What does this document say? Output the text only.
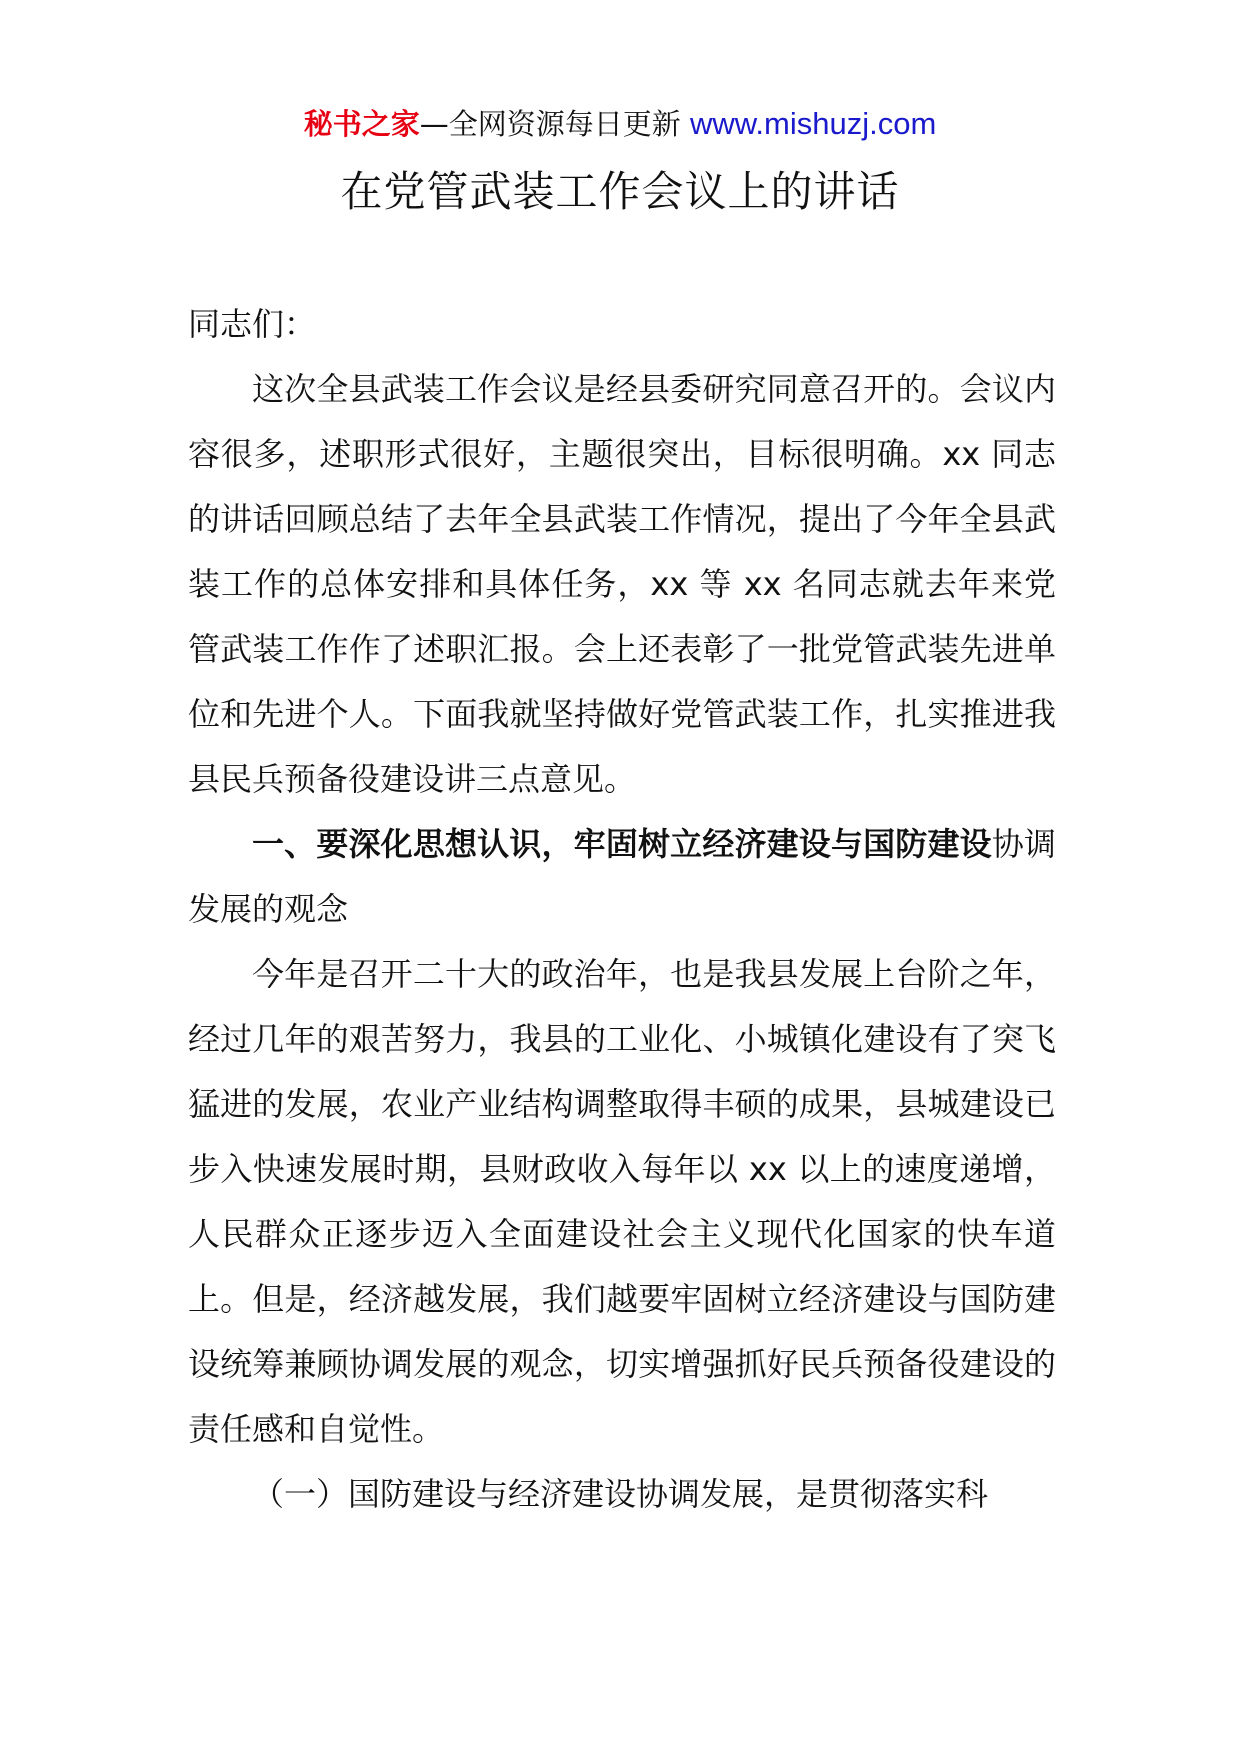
秘书之家—全网资源每日更新 www.mishuzj.com
在党管武装工作会议上的讲话

同志们：

这次全县武装工作会议是经县委研究同意召开的。会议内容很多，述职形式很好，主题很突出，目标很明确。xx 同志的讲话回顾总结了去年全县武装工作情况，提出了今年全县武装工作的总体安排和具体任务，xx 等 xx 名同志就去年来党管武装工作作了述职汇报。会上还表彰了一批党管武装先进单位和先进个人。下面我就坚持做好党管武装工作，扎实推进我县民兵预备役建设讲三点意见。

一、要深化思想认识，牢固树立经济建设与国防建设协调发展的观念

今年是召开二十大的政治年，也是我县发展上台阶之年，经过几年的艰苦努力，我县的工业化、小城镇化建设有了突飞猛进的发展，农业产业结构调整取得丰硕的成果，县城建设已步入快速发展时期，县财政收入每年以 xx 以上的速度递增，人民群众正逐步迈入全面建设社会主义现代化国家的快车道上。但是，经济越发展，我们越要牢固树立经济建设与国防建设统筹兼顾协调发展的观念，切实增强抓好民兵预备役建设的责任感和自觉性。

（一）国防建设与经济建设协调发展，是贯彻落实科
